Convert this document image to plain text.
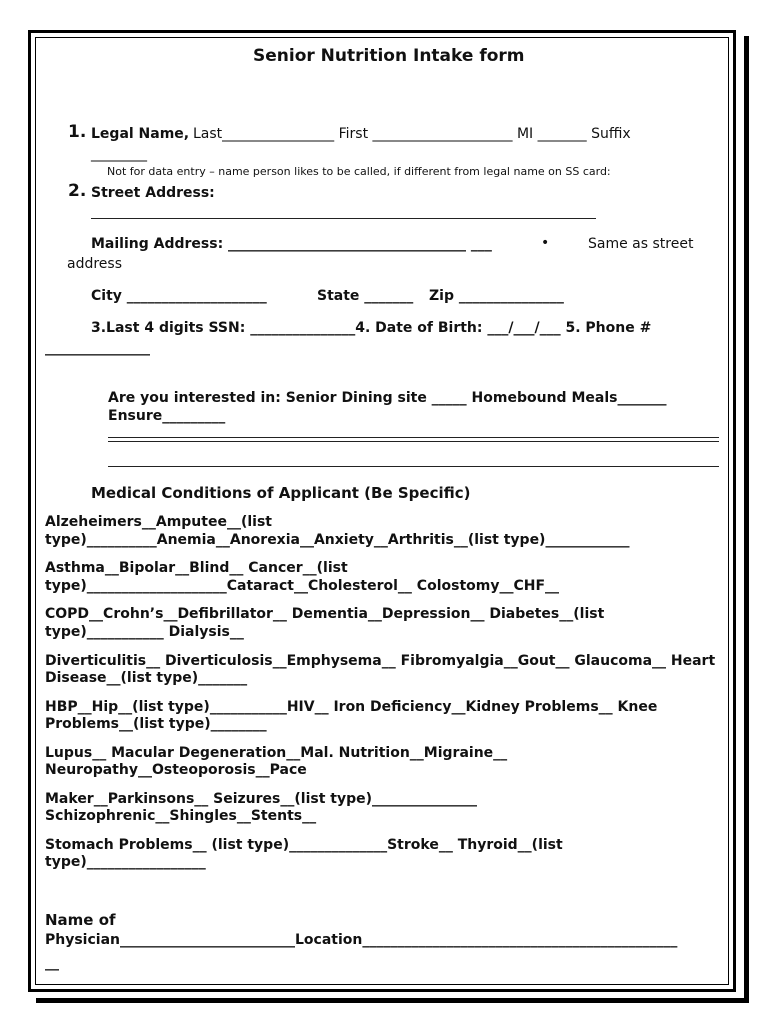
Senior Nutrition Intake form
1. Legal Name, Last________________ First ____________________ MI _______ Suffix
________
Not for data entry – name person likes to be called, if different from legal name on SS card:
2. Street Address:
Mailing Address: __________________________________ ___	•	Same as street
address
City ____________________	State _______ Zip _______________
3.Last 4 digits SSN: _______________4. Date of Birth: ___/___/___ 5. Phone #
_______________
Are you interested in: Senior Dining site _____ Homebound Meals_______
Ensure_________
Medical Conditions of Applicant (Be Specific)
Alzeheimers__Amputee__(list
type)__________Anemia__Anorexia__Anxiety__Arthritis__(list type)____________
Asthma__Bipolar__Blind__ Cancer__(list
type)____________________Cataract__Cholesterol__ Colostomy__CHF__
COPD__Crohn’s__Defibrillator__ Dementia__Depression__ Diabetes__(list
type)___________ Dialysis__
Diverticulitis__ Diverticulosis__Emphysema__ Fibromyalgia__Gout__ Glaucoma__ Heart
Disease__(list type)_______
HBP__Hip__(list type)___________HIV__ Iron Deficiency__Kidney Problems__ Knee
Problems__(list type)________
Lupus__ Macular Degeneration__Mal. Nutrition__Migraine__
Neuropathy__Osteoporosis__Pace
Maker__Parkinsons__ Seizures__(list type)_______________
Schizophrenic__Shingles__Stents__
Stomach Problems__ (list type)______________Stroke__ Thyroid__(list
type)_________________
Name of
Physician_________________________Location_____________________________________________
__
